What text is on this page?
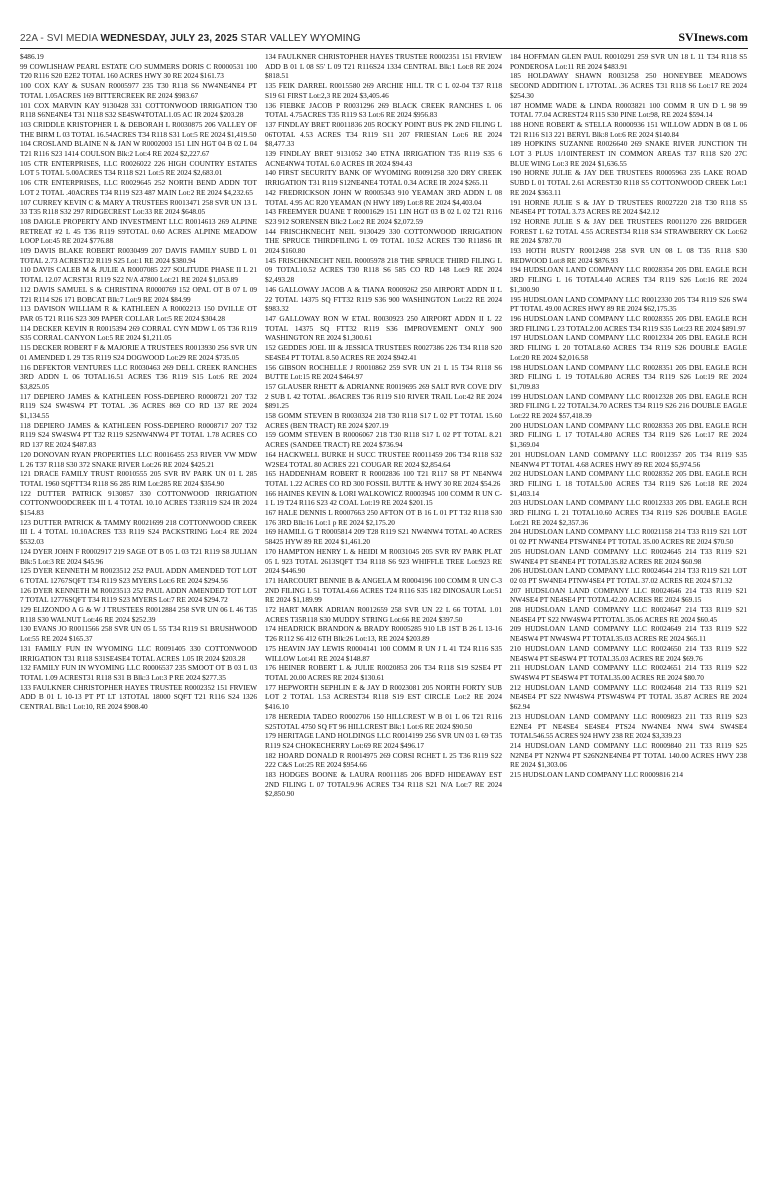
22A - SVI MEDIA WEDNESDAY, JULY 23, 2025 STAR VALLEY WYOMING	SVInews.com

$486.19

99 COWLISHAW PEARL ESTATE C/O SUMMERS DORIS C R0000531 100 T20 R116 S20 E2E2 TOTAL 160 ACRES HWY 30 RE 2024 $161.73

100 COX KAY & SUSAN R0005977 235 T30 R118 S6 NW4NE4NE4 PT TOTAL 1.05ACRES 169 BITTERCREEK RE 2024 $983.67

101 COX MARVIN KAY 9130428 331 COTTONWOOD IRRIGATION T30 R118 S6NE4NE4 T31 N118 S32 SE4SW4TOTAL1.05 AC IR 2024 $203.28

103 CRIDDLE KRISTOPHER L & DEBORAH L R0030875 206 VALLEY OF THE BIRM L 03 TOTAL 16.54ACRES T34 R118 S31 Lot:5 RE 2024 $1,419.50

104 CROSLAND BLAINE N & JAN W R0002003 151 LIN HGT 04 B 02 L 04 T21 R116 S23 1414 COULSON Blk:2 Lot:4 RE 2024 $2,227.67

105 CTR ENTERPRISES, LLC R0026022 226 HIGH COUNTRY ESTATES LOT 5 TOTAL 5.00ACRES T34 R118 S21 Lot:5 RE 2024 $2,683.01

106 CTR ENTERPRISES, LLC R0029645 252 NORTH BEND ADDN TOT LOT 2 TOTAL .40ACRES T34 R119 S23 487 MAIN Lot:2 RE 2024 $4,232.65

107 CURREY KEVIN C & MARY A TRUSTEES R0013471 258 SVR UN 13 L 33 T35 R118 S32 297 RIDGECREST Lot:33 RE 2024 $648.05

108 DAIGLE PROPERTY AND INVESTMENT LLC R0014613 269 ALPINE RETREAT #2 L 45 T36 R119 S9TOTAL 0.60 ACRES ALPINE MEADOW LOOP Lot:45 RE 2024 $776.88

109 DAVIS BLAKE ROBERT R0030499 207 DAVIS FAMILY SUBD L 01 TOTAL 2.73 ACREST32 R119 S25 Lot:1 RE 2024 $380.94

110 DAVIS CALEB M & JULIE A R0007085 227 SOLITUDE PHASE II L 21 TOTAL 12.07 ACRST31 R119 S22 N/A 47800 Lot:21 RE 2024 $1,053.89

112 DAVIS SAMUEL S & CHRISTINA R0000769 152 OPAL OT B 07 L 09 T21 R114 S26 171 BOBCAT Blk:7 Lot:9 RE 2024 $84.99

113 DAVISON WILLIAM R & KATHLEEN A R0002213 150 DVILLE OT PAR 05 T21 R116 S23 309 PAPER COLLAR Lot:5 RE 2024 $304.28

114 DECKER KEVIN R R0015394 269 CORRAL CYN MDW L 05 T36 R119 S35 CORRAL CANYON Lot:5 RE 2024 $1,211.05

115 DECKER ROBERT F & MAJORIE A TRUSTEES R0013930 256 SVR UN 01 AMENDED L 29 T35 R119 S24 DOGWOOD Lot:29 RE 2024 $735.05

116 DEFEKTOR VENTURES LLC R0030463 269 DELL CREEK RANCHES 3RD ADDN L 06 TOTAL16.51 ACRES T36 R119 S15 Lot:6 RE 2024 $3,825.05

117 DEPIERO JAMES & KATHLEEN FOSS-DEPIERO R0008721 207 T32 R119 S24 SW4SW4 PT TOTAL .36 ACRES 869 CO RD 137 RE 2024 $1,134.55

118 DEPIERO JAMES & KATHLEEN FOSS-DEPIERO R0008717 207 T32 R119 S24 SW4SW4 PT T32 R119 S25NW4NW4 PT TOTAL 1.78 ACRES CO RD 137 RE 2024 $487.83

120 DONOVAN RYAN PROPERTIES LLC R0016455 253 RIVER VW MDW L 26 T37 R118 S30 372 SNAKE RIVER Lot:26 RE 2024 $425.21

121 DRACE FAMILY TRUST R0010555 205 SVR RV PARK UN 01 L 285 TOTAL 1960 SQFTT34 R118 S6 285 RIM Lot:285 RE 2024 $354.90

122 DUTTER PATRICK 9130857 330 COTTONWOOD IRRIGATION COTTONWOODCREEK III L 4 TOTAL 10.10 ACRES T33R119 S24 IR 2024 $154.83

123 DUTTER PATRICK & TAMMY R0021699 218 COTTONWOOD CREEK III L 4 TOTAL 10.10ACRES T33 R119 S24 PACKSTRING Lot:4 RE 2024 $532.03

124 DYER JOHN F R0002917 219 SAGE OT B 05 L 03 T21 R119 S8 JULIAN Blk:5 Lot:3 RE 2024 $45.96

125 DYER KENNETH M R0023512 252 PAUL ADDN AMENDED TOT LOT 6 TOTAL 12767SQFT T34 R119 S23 MYERS Lot:6 RE 2024 $294.56

126 DYER KENNETH M R0023513 252 PAUL ADDN AMENDED TOT LOT 7 TOTAL 12776SQFT T34 R119 S23 MYERS Lot:7 RE 2024 $294.72

129 ELIZONDO A G & W J TRUSTEES R0012884 258 SVR UN 06 L 46 T35 R118 S30 WALNUT Lot:46 RE 2024 $252.39

130 EVANS JO R0011566 258 SVR UN 05 L 55 T34 R119 S1 BRUSHWOOD Lot:55 RE 2024 $165.37

131 FAMILY FUN IN WYOMING LLC R0091405 330 COTTONWOOD IRRIGATION T31 R118 S31SE4SE4 TOTAL ACRES 1.05 IR 2024 $203.28

132 FAMILY FUN IN WYOMING LLC R0006537 235 SMOOT OT B 03 L 03 TOTAL 1.09 ACREST31 R118 S31 B Blk:3 Lot:3 P RE 2024 $277.35

133 FAULKNER CHRISTOPHER HAYES TRUSTEE R0002352 151 FRVIEW ADD B 01 L 10-13 PT PT LT 13TOTAL 18000 SQFT T21 R116 S24 1326 CENTRAL Blk:1 Lot:10, RE 2024 $908.40

134 FAULKNER CHRISTOPHER HAYES TRUSTEE R0002351 151 FRVIEW ADD B 01 L 08 S5' L 09 T21 R116S24 1334 CENTRAL Blk:1 Lot:8 RE 2024 $818.51

135 FEIK DARREL R0015580 269 ARCHIE HILL TR C L 02-04 T37 R118 S19 61 FIRST Lot:2,3 RE 2024 $3,405.46

136 FIEBKE JACOB P R0031296 269 BLACK CREEK RANCHES L 06 TOTAL 4.75ACRES T35 R119 S3 Lot:6 RE 2024 $956.83

137 FINDLAY BRET R0011836 205 ROCKY POINT BUS PK 2ND FILING L 06TOTAL 4.53 ACRES T34 R119 S11 207 FRIESIAN Lot:6 RE 2024 $8,477.33

139 FINDLAY BRET 9131052 340 ETNA IRRIGATION T35 R119 S35 6 ACNE4NW4 TOTAL 6.0 ACRES IR 2024 $94.43

140 FIRST SECURITY BANK OF WYOMING R0091258 320 DRY CREEK IRRIGATION T31 R119 S12NE4NE4 TOTAL 0.34 ACRE IR 2024 $265.11

142 FREDRICKSON JOHN W R0005343 910 YEAMAN 3RD ADDN L 08 TOTAL 4.95 AC R20 YEAMAN (N HWY 189) Lot:8 RE 2024 $4,403.04

143 FREEMYER DUANE T R0001629 151 LIN HGT 03 B 02 L 02 T21 R116 S23 912 SORENSEN Blk:2 Lot:2 RE 2024 $2,072.59

144 FRISCHKNECHT NEIL 9130429 330 COTTONWOOD IRRIGATION THE SPRUCE THIRDFILING L 09 TOTAL 10.52 ACRES T30 R118S6 IR 2024 $160.80

145 FRISCHKNECHT NEIL R0005978 218 THE SPRUCE THIRD FILING L 09 TOTAL10.52 ACRES T30 R118 S6 585 CO RD 148 Lot:9 RE 2024 $2,493.28

146 GALLOWAY JACOB A & TIANA R0009262 250 AIRPORT ADDN II L 22 TOTAL 14375 SQ FTT32 R119 S36 900 WASHINGTON Lot:22 RE 2024 $983.32

147 GALLOWAY RON W ETAL R0030923 250 AIRPORT ADDN II L 22 TOTAL 14375 SQ FTT32 R119 S36 IMPROVEMENT ONLY 900 WASHINGTON RE 2024 $1,300.61

152 GEDDES JOEL III & JESSICA TRUSTEES R0027386 226 T34 R118 S20 SE4SE4 PT TOTAL 8.50 ACRES RE 2024 $942.41

156 GIBSON ROCHELLE J R0010862 259 SVR UN 21 L 15 T34 R118 S6 BUTTE Lot:15 RE 2024 $464.97

157 GLAUSER RHETT & ADRIANNE R0019695 269 SALT RVR COVE DIV 2 SUB L 42 TOTAL .86ACRES T36 R119 S10 RIVER TRAIL Lot:42 RE 2024 $891.25

158 GOMM STEVEN B R0030324 218 T30 R118 S17 L 02 PT TOTAL 15.60 ACRES (BEN TRACT) RE 2024 $207.19

159 GOMM STEVEN B R0006067 218 T30 R118 S17 L 02 PT TOTAL 8.21 ACRES (SANDEE TRACT) RE 2024 $736.94

164 HACKWELL BURKE H SUCC TRUSTEE R0011459 206 T34 R118 S32 W2SE4 TOTAL 80 ACRES 221 COUGAR RE 2024 $2,854.64

165 HADDENHAM ROBERT R R0002836 100 T21 R117 S8 PT NE4NW4 TOTAL 1.22 ACRES CO RD 300 FOSSIL BUTTE & HWY 30 RE 2024 $54.26

166 HAINES KEVIN & LORI WALKOWICZ R0003945 100 COMM R UN C-1 L 19 T24 R116 S23 42 COAL Lot:19 RE 2024 $201.15

167 HALE DENNIS L R0007663 250 AFTON OT B 16 L 01 PT T32 R118 S30 176 3RD Blk:16 Lot:1 p RE 2024 $2,175.20

169 HAMILL G T R0005814 209 T28 R119 S21 NW4NW4 TOTAL 40 ACRES 58425 HYW 89 RE 2024 $1,461.20

170 HAMPTON HENRY L & HEIDI M R0031045 205 SVR RV PARK PLAT 05 L 923 TOTAL 2613SQFT T34 R118 S6 923 WHIFFLE TREE Lot:923 RE 2024 $446.90

171 HARCOURT BENNIE B & ANGELA M R0004196 100 COMM R UN C-3 2ND FILING L 51 TOTAL4.66 ACRES T24 R116 S35 182 DINOSAUR Lot:51 RE 2024 $1,189.99

172 HART MARK ADRIAN R0012659 258 SVR UN 22 L 66 TOTAL 1.01 ACRES T35R118 S30 MUDDY STRING Lot:66 RE 2024 $397.50

174 HEADRICK BRANDON & BRADY R0005285 910 LB 1ST B 26 L 13-16 T26 R112 S6 412 6TH Blk:26 Lot:13, RE 2024 $203.89

175 HEAVIN JAY LEWIS R0004141 100 COMM R UN J L 41 T24 R116 S35 WILLOW Lot:41 RE 2024 $148.87

176 HEINER ROBERT L & JULIE R0020853 206 T34 R118 S19 S2SE4 PT TOTAL 20.00 ACRES RE 2024 $130.61

177 HEPWORTH SEPHLIN E & JAY D R0023081 205 NORTH FORTY SUB LOT 2 TOTAL 1.53 ACREST34 R118 S19 EST CIRCLE Lot:2 RE 2024 $416.10

178 HEREDIA TADEO R0002706 150 HILLCREST W B 01 L 06 T21 R116 S25TOTAL 4750 SQ FT 96 HILLCREST Blk:1 Lot:6 RE 2024 $90.50

179 HERITAGE LAND HOLDINGS LLC R0014199 256 SVR UN 03 L 69 T35 R119 S24 CHOKECHERRY Lot:69 RE 2024 $496.17

182 HOARD DONALD R R0014975 269 CORSI RCHET L 25 T36 R119 S22 222 C&S Lot:25 RE 2024 $954.66

183 HODGES BOONE & LAURA R0011185 206 BDFD HIDEAWAY EST 2ND FILING L 07 TOTAL9.96 ACRES T34 R118 S21 N/A Lot:7 RE 2024 $2,850.90

184 HOFFMAN GLEN PAUL R0010291 259 SVR UN 18 L 11 T34 R118 S5 PONDEROSA Lot:11 RE 2024 $483.91

185 HOLDAWAY SHAWN R0031258 250 HONEYBEE MEADOWS SECOND ADDITION L 17TOTAL .36 ACRES T31 R118 S6 Lot:17 RE 2024 $254.30

187 HOMME WADE & LINDA R0003821 100 COMM R UN D L 98 99 TOTAL 77.04 ACREST24 R115 S30 PINE Lot:98, RE 2024 $594.14

188 HONE ROBERT & STELLA R0000936 151 WILLOW ADDN B 08 L 06 T21 R116 S13 221 BERYL Blk:8 Lot:6 RE 2024 $140.84

189 HOPKINS SUZANNE R0026640 269 SNAKE RIVER JUNCTION TH LOT 3 PLUS 1/10INTEREST IN COMMON AREAS T37 R118 S20 27C BLUE WING Lot:3 RE 2024 $1,636.55

190 HORNE JULIE & JAY DEE TRUSTEES R0005963 235 LAKE ROAD SUBD L 01 TOTAL 2.61 ACREST30 R118 S5 COTTONWOOD CREEK Lot:1 RE 2024 $363.11

191 HORNE JULIE S & JAY D TRUSTEES R0027220 218 T30 R118 S5 NE4SE4 PT TOTAL 3.73 ACRES RE 2024 $42.12

192 HORNE JULIE S & JAY DEE TRUSTEES R0011270 226 BRIDGER FOREST L 62 TOTAL 4.55 ACREST34 R118 S34 STRAWBERRY CK Lot:62 RE 2024 $787.70

193 HOTH RUSTY R0012498 258 SVR UN 08 L 08 T35 R118 S30 REDWOOD Lot:8 RE 2024 $876.93

194 HUDSLOAN LAND COMPANY LLC R0028354 205 DBL EAGLE RCH 3RD FILING L 16 TOTAL4.40 ACRES T34 R119 S26 Lot:16 RE 2024 $1,300.90

195 HUDSLOAN LAND COMPANY LLC R0012330 205 T34 R119 S26 SW4 PT TOTAL 49.00 ACRES HWY 89 RE 2024 $62,175.35

196 HUDSLOAN LAND COMPANY LLC R0028355 205 DBL EAGLE RCH 3RD FILING L 23 TOTAL2.00 ACRES T34 R119 S35 Lot:23 RE 2024 $891.97

197 HUDSLOAN LAND COMPANY LLC R0012334 205 DBL EAGLE RCH 3RD FILING L 20 TOTAL8.60 ACRES T34 R119 S26 DOUBLE EAGLE Lot:20 RE 2024 $2,016.58

198 HUDSLOAN LAND COMPANY LLC R0028351 205 DBL EAGLE RCH 3RD FILING L 19 TOTAL6.80 ACRES T34 R119 S26 Lot:19 RE 2024 $1,709.83

199 HUDSLOAN LAND COMPANY LLC R0012328 205 DBL EAGLE RCH 3RD FILING L 22 TOTAL34.70 ACRES T34 R119 S26 216 DOUBLE EAGLE Lot:22 RE 2024 $57,418.39

200 HUDSLOAN LAND COMPANY LLC R0028353 205 DBL EAGLE RCH 3RD FILING L 17 TOTAL4.80 ACRES T34 R119 S26 Lot:17 RE 2024 $1,369.04

201 HUDSLOAN LAND COMPANY LLC R0012357 205 T34 R119 S35 NE4NW4 PT TOTAL 4.68 ACRES HWY 89 RE 2024 $5,974.56

202 HUDSLOAN LAND COMPANY LLC R0028352 205 DBL EAGLE RCH 3RD FILING L 18 TOTAL5.00 ACRES T34 R119 S26 Lot:18 RE 2024 $1,403.14

203 HUDSLOAN LAND COMPANY LLC R0012333 205 DBL EAGLE RCH 3RD FILING L 21 TOTAL10.60 ACRES T34 R119 S26 DOUBLE EAGLE Lot:21 RE 2024 $2,357.36

204 HUDSLOAN LAND COMPANY LLC R0021158 214 T33 R119 S21 LOT 01 02 PT NW4NE4 PTSW4NE4 PT TOTAL 35.00 ACRES RE 2024 $70.50

205 HUDSLOAN LAND COMPANY LLC R0024645 214 T33 R119 S21 SW4NE4 PT SE4NE4 PT TOTAL35.82 ACRES RE 2024 $60.98

206 HUDSLOAN LAND COMPANY LLC R0024644 214 T33 R119 S21 LOT 02 03 PT SW4NE4 PTNW4SE4 PT TOTAL 37.02 ACRES RE 2024 $71.32

207 HUDSLOAN LAND COMPANY LLC R0024646 214 T33 R119 S21 NW4SE4 PT NE4SE4 PT TOTAL42.20 ACRES RE 2024 $69.15

208 HUDSLOAN LAND COMPANY LLC R0024647 214 T33 R119 S21 NE4SE4 PT S22 NW4SW4 PTTOTAL 35.06 ACRES RE 2024 $60.45

209 HUDSLOAN LAND COMPANY LLC R0024649 214 T33 R119 S22 NE4SW4 PT NW4SW4 PT TOTAL35.03 ACRES RE 2024 $65.11

210 HUDSLOAN LAND COMPANY LLC R0024650 214 T33 R119 S22 NE4SW4 PT SE4SW4 PT TOTAL35.03 ACRES RE 2024 $69.76

211 HUDSLOAN LAND COMPANY LLC R0024651 214 T33 R119 S22 SW4SW4 PT SE4SW4 PT TOTAL35.00 ACRES RE 2024 $80.70

212 HUDSLOAN LAND COMPANY LLC R0024648 214 T33 R119 S21 NE4SE4 PT S22 NW4SW4 PTSW4SW4 PT TOTAL 35.87 ACRES RE 2024 $62.94

213 HUDSLOAN LAND COMPANY LLC R0009823 211 T33 R119 S23 E2NE4 PT NE4SE4 SE4SE4 PTS24 NW4NE4 NW4 SW4 SW4SE4 TOTAL546.55 ACRES 924 HWY 238 RE 2024 $3,339.23

214 HUDSLOAN LAND COMPANY LLC R0009840 211 T33 R119 S25 N2NE4 PT N2NW4 PT S26N2NE4NE4 PT TOTAL 140.00 ACRES HWY 238 RE 2024 $1,303.06

215 HUDSLOAN LAND COMPANY LLC R0009816 214
